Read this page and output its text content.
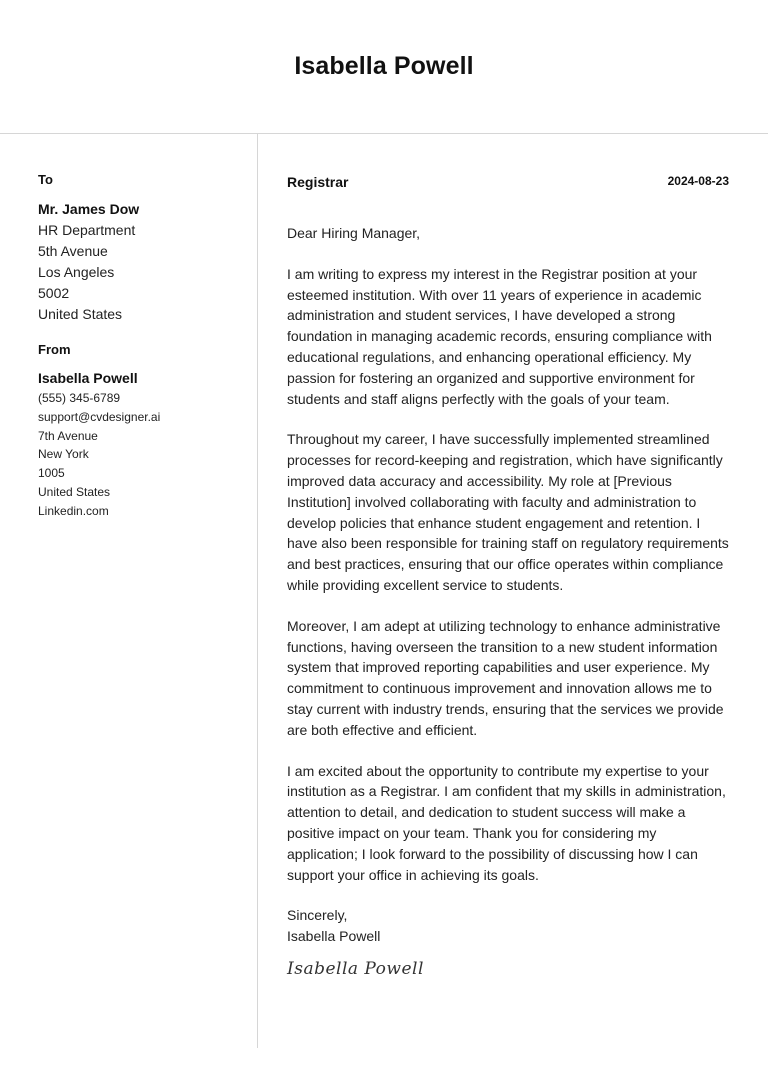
Isabella Powell
To
Mr. James Dow
HR Department
5th Avenue
Los Angeles
5002
United States
From
Isabella Powell
(555) 345-6789
support@cvdesigner.ai
7th Avenue
New York
1005
United States
Linkedin.com
Registrar	2024-08-23
Dear Hiring Manager,
I am writing to express my interest in the Registrar position at your esteemed institution. With over 11 years of experience in academic administration and student services, I have developed a strong foundation in managing academic records, ensuring compliance with educational regulations, and enhancing operational efficiency. My passion for fostering an organized and supportive environment for students and staff aligns perfectly with the goals of your team.
Throughout my career, I have successfully implemented streamlined processes for record-keeping and registration, which have significantly improved data accuracy and accessibility. My role at [Previous Institution] involved collaborating with faculty and administration to develop policies that enhance student engagement and retention. I have also been responsible for training staff on regulatory requirements and best practices, ensuring that our office operates within compliance while providing excellent service to students.
Moreover, I am adept at utilizing technology to enhance administrative functions, having overseen the transition to a new student information system that improved reporting capabilities and user experience. My commitment to continuous improvement and innovation allows me to stay current with industry trends, ensuring that the services we provide are both effective and efficient.
I am excited about the opportunity to contribute my expertise to your institution as a Registrar. I am confident that my skills in administration, attention to detail, and dedication to student success will make a positive impact on your team. Thank you for considering my application; I look forward to the possibility of discussing how I can support your office in achieving its goals.
Sincerely,
Isabella Powell
Isabella Powell
